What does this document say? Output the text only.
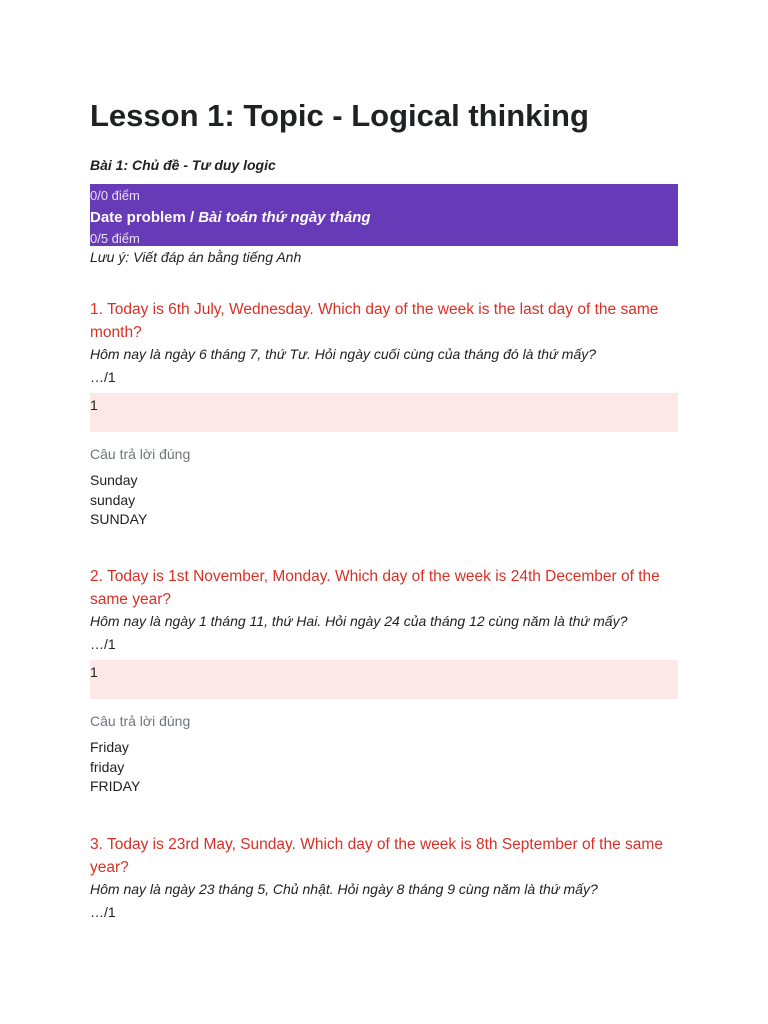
Lesson 1: Topic - Logical thinking
Bài 1: Chủ đề - Tư duy logic
0/0 điểm
Date problem / Bài toán thứ ngày tháng
0/5 điểm
Lưu ý: Viết đáp án bằng tiếng Anh

1. Today is 6th July, Wednesday. Which day of the week is the last day of the same month?

Hôm nay là ngày 6 tháng 7, thứ Tư. Hỏi ngày cuối cùng của tháng đó là thứ mấy?
…/1
1
Câu trả lời đúng
Sunday
sunday
SUNDAY

2. Today is 1st November, Monday. Which day of the week is 24th December of the same year?

Hôm nay là ngày 1 tháng 11, thứ Hai. Hỏi ngày 24 của tháng 12 cùng năm là thứ mấy?
…/1
1
Câu trả lời đúng
Friday
friday
FRIDAY

3. Today is 23rd May, Sunday. Which day of the week is 8th September of the same year?

Hôm nay là ngày 23 tháng 5, Chủ nhật. Hỏi ngày 8 tháng 9 cùng năm là thứ mấy?
…/1
